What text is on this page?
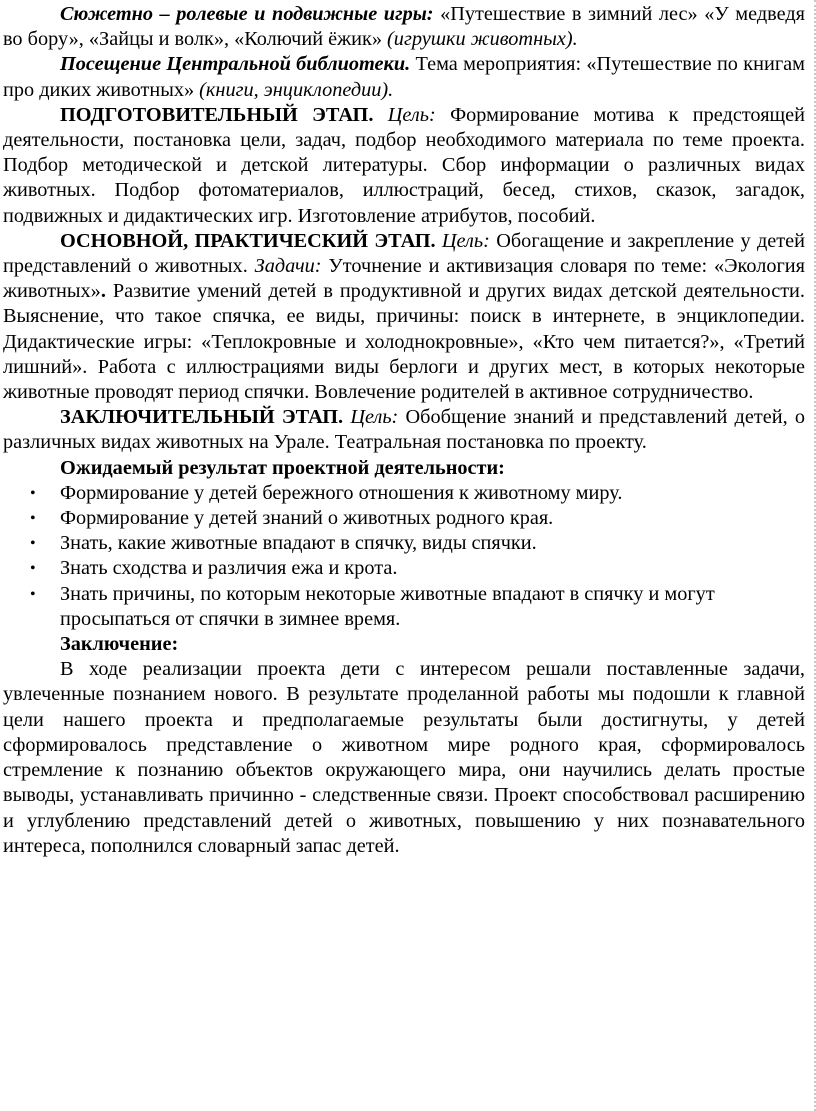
Сюжетно – ролевые и подвижные игры: «Путешествие в зимний лес» «У медведя во бору», «Зайцы и волк», «Колючий ёжик» (игрушки животных).

Посещение Центральной библиотеки. Тема мероприятия: «Путешествие по книгам про диких животных» (книги, энциклопедии).

ПОДГОТОВИТЕЛЬНЫЙ ЭТАП. Цель: Формирование мотива к предстоящей деятельности, постановка цели, задач, подбор необходимого материала по теме проекта. Подбор методической и детской литературы. Сбор информации о различных видах животных. Подбор фотоматериалов, иллюстраций, бесед, стихов, сказок, загадок, подвижных и дидактических игр. Изготовление атрибутов, пособий.

ОСНОВНОЙ, ПРАКТИЧЕСКИЙ ЭТАП. Цель: Обогащение и закрепление у детей представлений о животных. Задачи: Уточнение и активизация словаря по теме: «Экология животных». Развитие умений детей в продуктивной и других видах детской деятельности. Выяснение, что такое спячка, ее виды, причины: поиск в интернете, в энциклопедии. Дидактические игры: «Теплокровные и холоднокровные», «Кто чем питается?», «Третий лишний». Работа с иллюстрациями виды берлоги и других мест, в которых некоторые животные проводят период спячки. Вовлечение родителей в активное сотрудничество.

ЗАКЛЮЧИТЕЛЬНЫЙ ЭТАП. Цель: Обобщение знаний и представлений детей, о различных видах животных на Урале. Театральная постановка по проекту.

Ожидаемый результат проектной деятельности:

• Формирование у детей бережного отношения к животному миру.
• Формирование у детей знаний о животных родного края.
• Знать, какие животные впадают в спячку, виды спячки.
• Знать сходства и различия ежа и крота.
• Знать причины, по которым некоторые животные впадают в спячку и могут просыпаться от спячки в зимнее время.

Заключение:

В ходе реализации проекта дети с интересом решали поставленные задачи, увлеченные познанием нового. В результате проделанной работы мы подошли к главной цели нашего проекта и предполагаемые результаты были достигнуты, у детей сформировалось представление о животном мире родного края, сформировалось стремление к познанию объектов окружающего мира, они научились делать простые выводы, устанавливать причинно - следственные связи. Проект способствовал расширению и углублению представлений детей о животных, повышению у них познавательного интереса, пополнился словарный запас детей.
